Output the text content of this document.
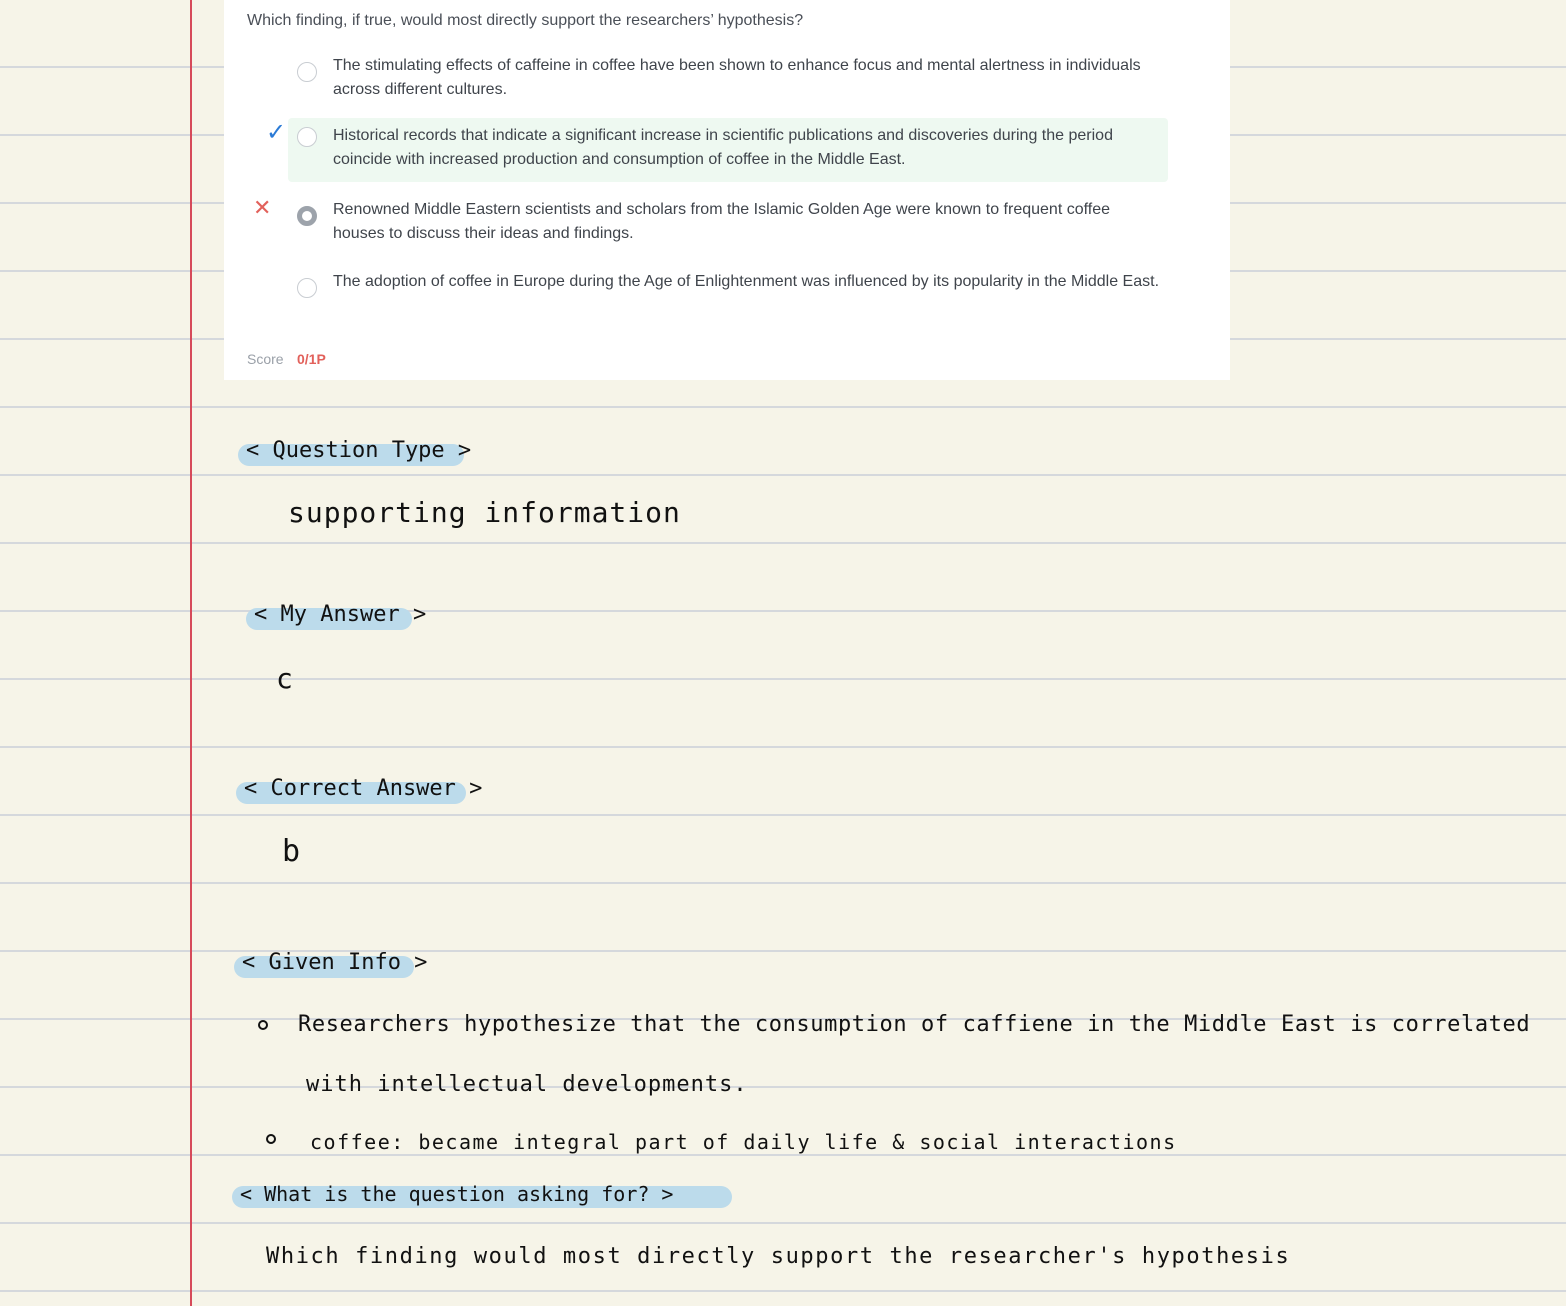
Which finding, if true, would most directly support the researchers’ hypothesis?
The stimulating effects of caffeine in coffee have been shown to enhance focus and mental alertness in individuals across different cultures.
✓	Historical records that indicate a significant increase in scientific publications and discoveries during the period coincide with increased production and consumption of coffee in the Middle East.
✕	Renowned Middle Eastern scientists and scholars from the Islamic Golden Age were known to frequent coffee houses to discuss their ideas and findings.
The adoption of coffee in Europe during the Age of Enlightenment was influenced by its popularity in the Middle East.
Score 0/1P
< Question Type >
supporting information
< My Answer >
c
< Correct Answer >
b
< Given Info >
Researchers hypothesize that the consumption of caffiene in the Middle East is correlated
with intellectual developments.
coffee: became integral part of daily life & social interactions
< What is the question asking for? >
Which finding would most directly support the researcher's hypothesis
